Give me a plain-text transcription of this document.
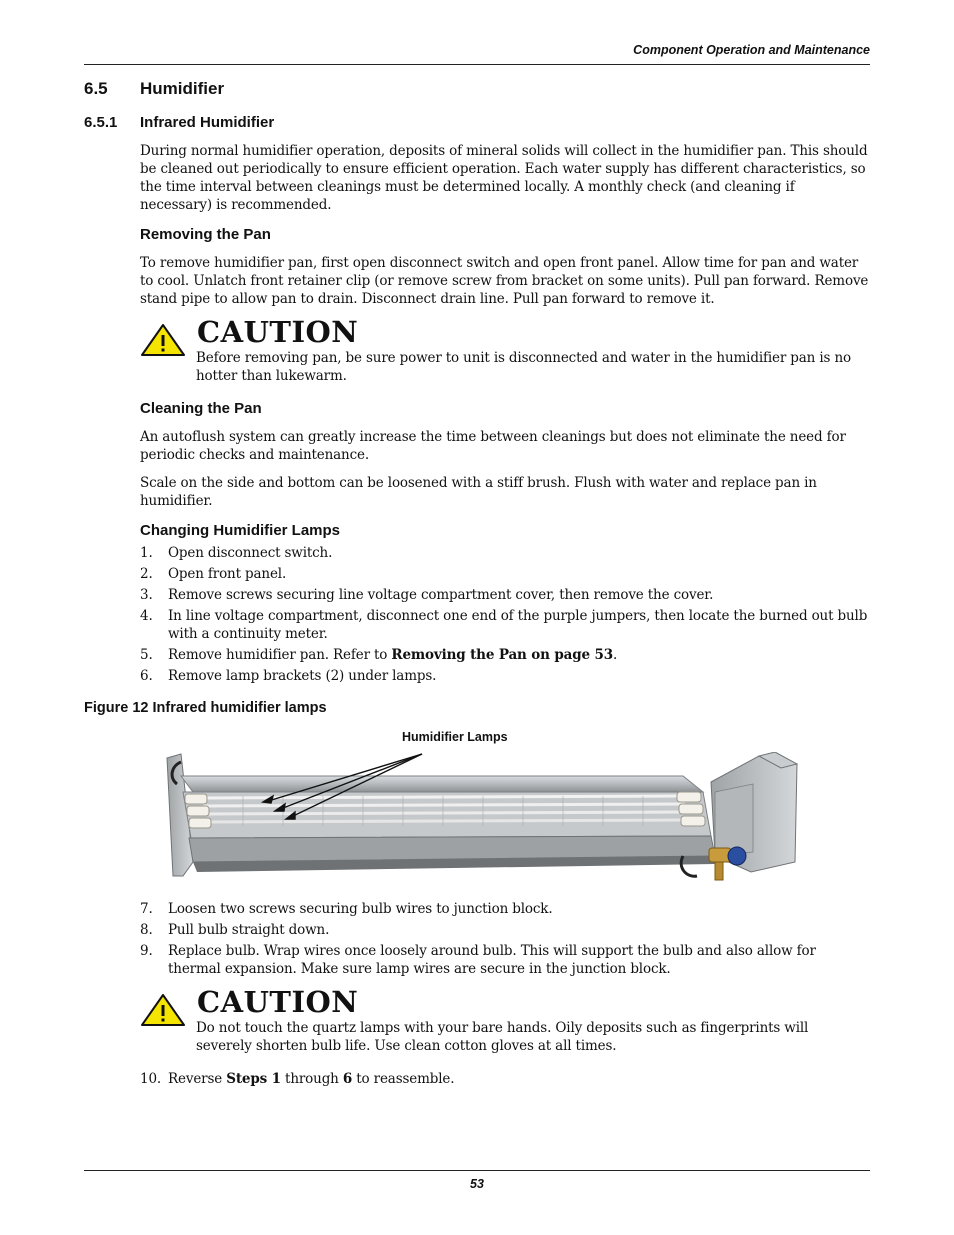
Component Operation and Maintenance
6.5 Humidifier
6.5.1 Infrared Humidifier
During normal humidifier operation, deposits of mineral solids will collect in the humidifier pan. This should be cleaned out periodically to ensure efficient operation. Each water supply has different characteristics, so the time interval between cleanings must be determined locally. A monthly check (and cleaning if necessary) is recommended.
Removing the Pan
To remove humidifier pan, first open disconnect switch and open front panel. Allow time for pan and water to cool. Unlatch front retainer clip (or remove screw from bracket on some units). Pull pan forward. Remove stand pipe to allow pan to drain. Disconnect drain line. Pull pan forward to remove it.
CAUTION
Before removing pan, be sure power to unit is disconnected and water in the humidifier pan is no hotter than lukewarm.
Cleaning the Pan
An autoflush system can greatly increase the time between cleanings but does not eliminate the need for periodic checks and maintenance.
Scale on the side and bottom can be loosened with a stiff brush. Flush with water and replace pan in humidifier.
Changing Humidifier Lamps
1. Open disconnect switch.
2. Open front panel.
3. Remove screws securing line voltage compartment cover, then remove the cover.
4. In line voltage compartment, disconnect one end of the purple jumpers, then locate the burned out bulb with a continuity meter.
5. Remove humidifier pan. Refer to Removing the Pan on page 53.
6. Remove lamp brackets (2) under lamps.
Figure 12 Infrared humidifier lamps
Humidifier Lamps
7. Loosen two screws securing bulb wires to junction block.
8. Pull bulb straight down.
9. Replace bulb. Wrap wires once loosely around bulb. This will support the bulb and also allow for thermal expansion. Make sure lamp wires are secure in the junction block.
CAUTION
Do not touch the quartz lamps with your bare hands. Oily deposits such as fingerprints will severely shorten bulb life. Use clean cotton gloves at all times.
10. Reverse Steps 1 through 6 to reassemble.
53
